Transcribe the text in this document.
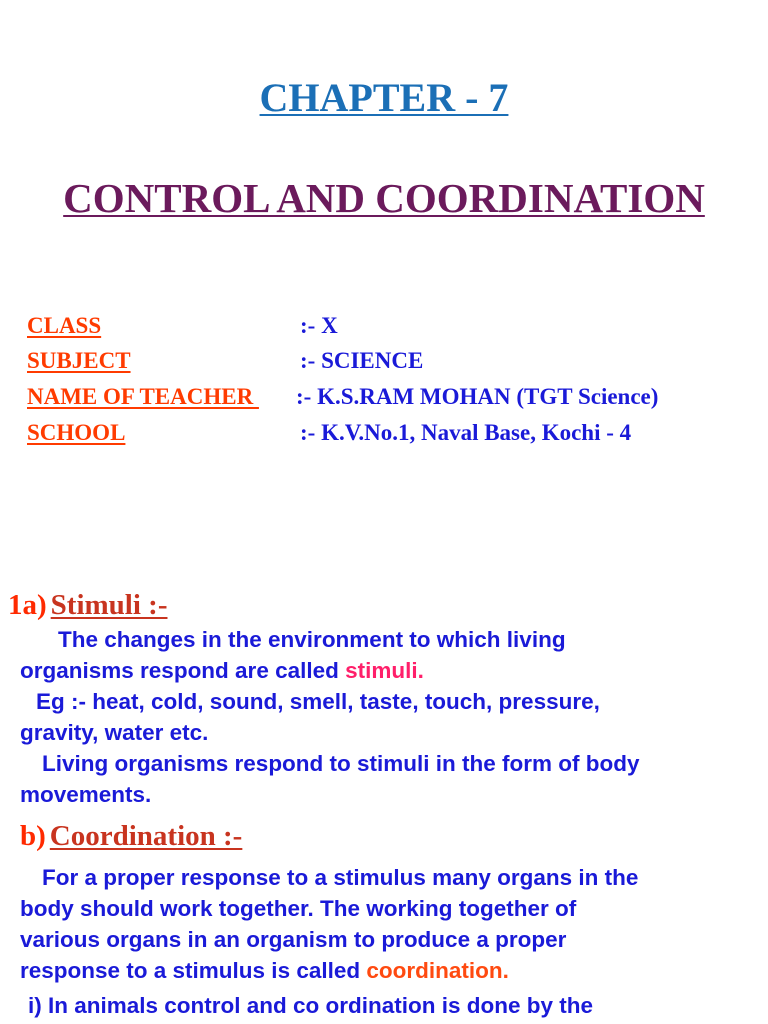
CHAPTER - 7
CONTROL AND COORDINATION
CLASS	:- X
SUBJECT	:- SCIENCE
NAME OF TEACHER :- K.S.RAM MOHAN (TGT Science)
SCHOOL	:- K.V.No.1, Naval Base, Kochi - 4
1a) Stimuli :-
The changes in the environment to which living
organisms respond are called stimuli.
Eg :- heat, cold, sound, smell, taste, touch, pressure,
gravity, water etc.
Living organisms respond to stimuli in the form of body
movements.
b) Coordination :-
For a proper response to a stimulus many organs in the
body should work together. The working together of
various organs in an organism to produce a proper
response to a stimulus is called coordination.
i) In animals control and co ordination is done by the
